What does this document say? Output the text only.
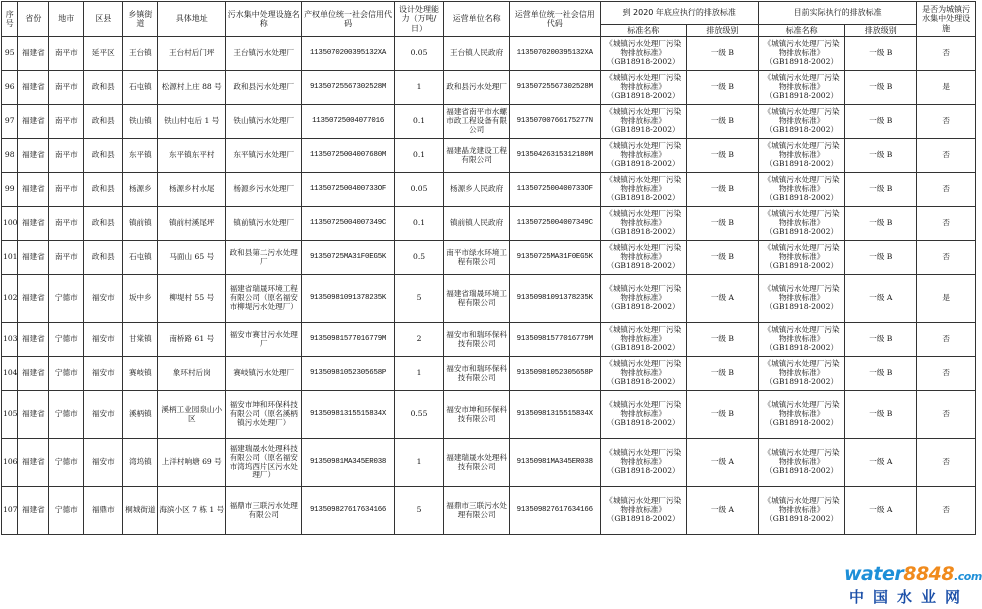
序号	省份	地市	区县	乡镇街道	具体地址	污水集中处理设施名称	产权单位统一社会信用代码	设计处理能力（万吨/日）	运营单位名称	运营单位统一社会信用代码	到 2020 年底应执行的排放标准		目前实际执行的排放标准		是否为城镇污水集中处理设施
											标准名称	排放级别	标准名称	排放级别	
95	福建省	南平市	延平区	王台镇	王台村后门坪	王台镇污水处理厂	1135070200395132XA	0.05	王台镇人民政府	1135070200395132XA	《城镇污水处理厂污染物排放标准》（GB18918-2002）	一级 B	《城镇污水处理厂污染物排放标准》（GB18918-2002）	一级 B	否
96	福建省	南平市	政和县	石屯镇	松源村上庄 88 号	政和县污水处理厂	91350725567302528M	1	政和县污水处理厂	91350725567302528M	《城镇污水处理厂污染物排放标准》（GB18918-2002）	一级 B	《城镇污水处理厂污染物排放标准》（GB18918-2002）	一级 B	是
97	福建省	南平市	政和县	铁山镇	铁山村屯后 1 号	铁山镇污水处理厂	11350725004077016	0.1	福建省南平市水螺市政工程设备有限公司	91350700766175277N	《城镇污水处理厂污染物排放标准》（GB18918-2002）	一级 B	《城镇污水处理厂污染物排放标准》（GB18918-2002）	一级 B	否
98	福建省	南平市	政和县	东平镇	东平镇东平村	东平镇污水处理厂	11350725004007680M	0.1	福建晶龙建设工程有限公司	91350426315312180M	《城镇污水处理厂污染物排放标准》（GB18918-2002）	一级 B	《城镇污水处理厂污染物排放标准》（GB18918-2002）	一级 B	否
99	福建省	南平市	政和县	杨源乡	杨源乡村水尾	杨源乡污水处理厂	1135072500400733OF	0.05	杨源乡人民政府	1135072500400733OF	《城镇污水处理厂污染物排放标准》（GB18918-2002）	一级 B	《城镇污水处理厂污染物排放标准》（GB18918-2002）	一级 B	否
100	福建省	南平市	政和县	镇前镇	镇前村溪尾坪	镇前镇污水处理厂	11350725004007349C	0.1	镇前镇人民政府	11350725004007349C	《城镇污水处理厂污染物排放标准》（GB18918-2002）	一级 B	《城镇污水处理厂污染物排放标准》（GB18918-2002）	一级 B	否
101	福建省	南平市	政和县	石屯镇	马面山 65 号	政和县第二污水处理厂	91350725MA31F0EG5K	0.5	南平市绿水环境工程有限公司	91350725MA31F0EG5K	《城镇污水处理厂污染物排放标准》（GB18918-2002）	一级 B	《城镇污水处理厂污染物排放标准》（GB18918-2002）	一级 B	否
102	福建省	宁德市	福安市	坂中乡	柳堤村 55 号	福建省瑞晟环境工程有限公司（原名福安市柳堤污水处理厂）	91350981091378235K	5	福建省瑞晟环境工程有限公司	91350981091378235K	《城镇污水处理厂污染物排放标准》（GB18918-2002）	一级 A	《城镇污水处理厂污染物排放标准》（GB18918-2002）	一级 A	是
103	福建省	宁德市	福安市	甘棠镇	南桥路 61 号	福安市赛甘污水处理厂	91350981577016779M	2	福安市和瑞环保科技有限公司	91350981577016779M	《城镇污水处理厂污染物排放标准》（GB18918-2002）	一级 B	《城镇污水处理厂污染物排放标准》（GB18918-2002）	一级 B	否
104	福建省	宁德市	福安市	赛岐镇	象环村后岗	赛岐镇污水处理厂	91350981052305658P	1	福安市和瑞环保科技有限公司	91350981052305658P	《城镇污水处理厂污染物排放标准》（GB18918-2002）	一级 B	《城镇污水处理厂污染物排放标准》（GB18918-2002）	一级 B	否
105	福建省	宁德市	福安市	溪柄镇	溪柄工业园泉山小区	福安市坤和环保科技有限公司（原名溪柄镇污水处理厂）	91350981315515834X	0.55	福安市坤和环保科技有限公司	91350981315515834X	《城镇污水处理厂污染物排放标准》（GB18918-2002）	一级 B	《城镇污水处理厂污染物排放标准》（GB18918-2002）	一级 B	否
106	福建省	宁德市	福安市	湾坞镇	上洋村响塘 69 号	福建瑞晟水处理科技有限公司（原名福安市湾坞西片区污水处理厂）	91350981MA345ER038	1	福建瑞晟水处理科技有限公司	91350981MA345ER038	《城镇污水处理厂污染物排放标准》（GB18918-2002）	一级 A	《城镇污水处理厂污染物排放标准》（GB18918-2002）	一级 A	否
107	福建省	宁德市	福鼎市	桐城街道	海滨小区 7 栋 1 号	福鼎市三联污水处理有限公司	913509827617634166	5	福鼎市三联污水处理有限公司	913509827617634166	《城镇污水处理厂污染物排放标准》（GB18918-2002）	一级 A	《城镇污水处理厂污染物排放标准》（GB18918-2002）	一级 A	否
water8848.com
中国水业网
